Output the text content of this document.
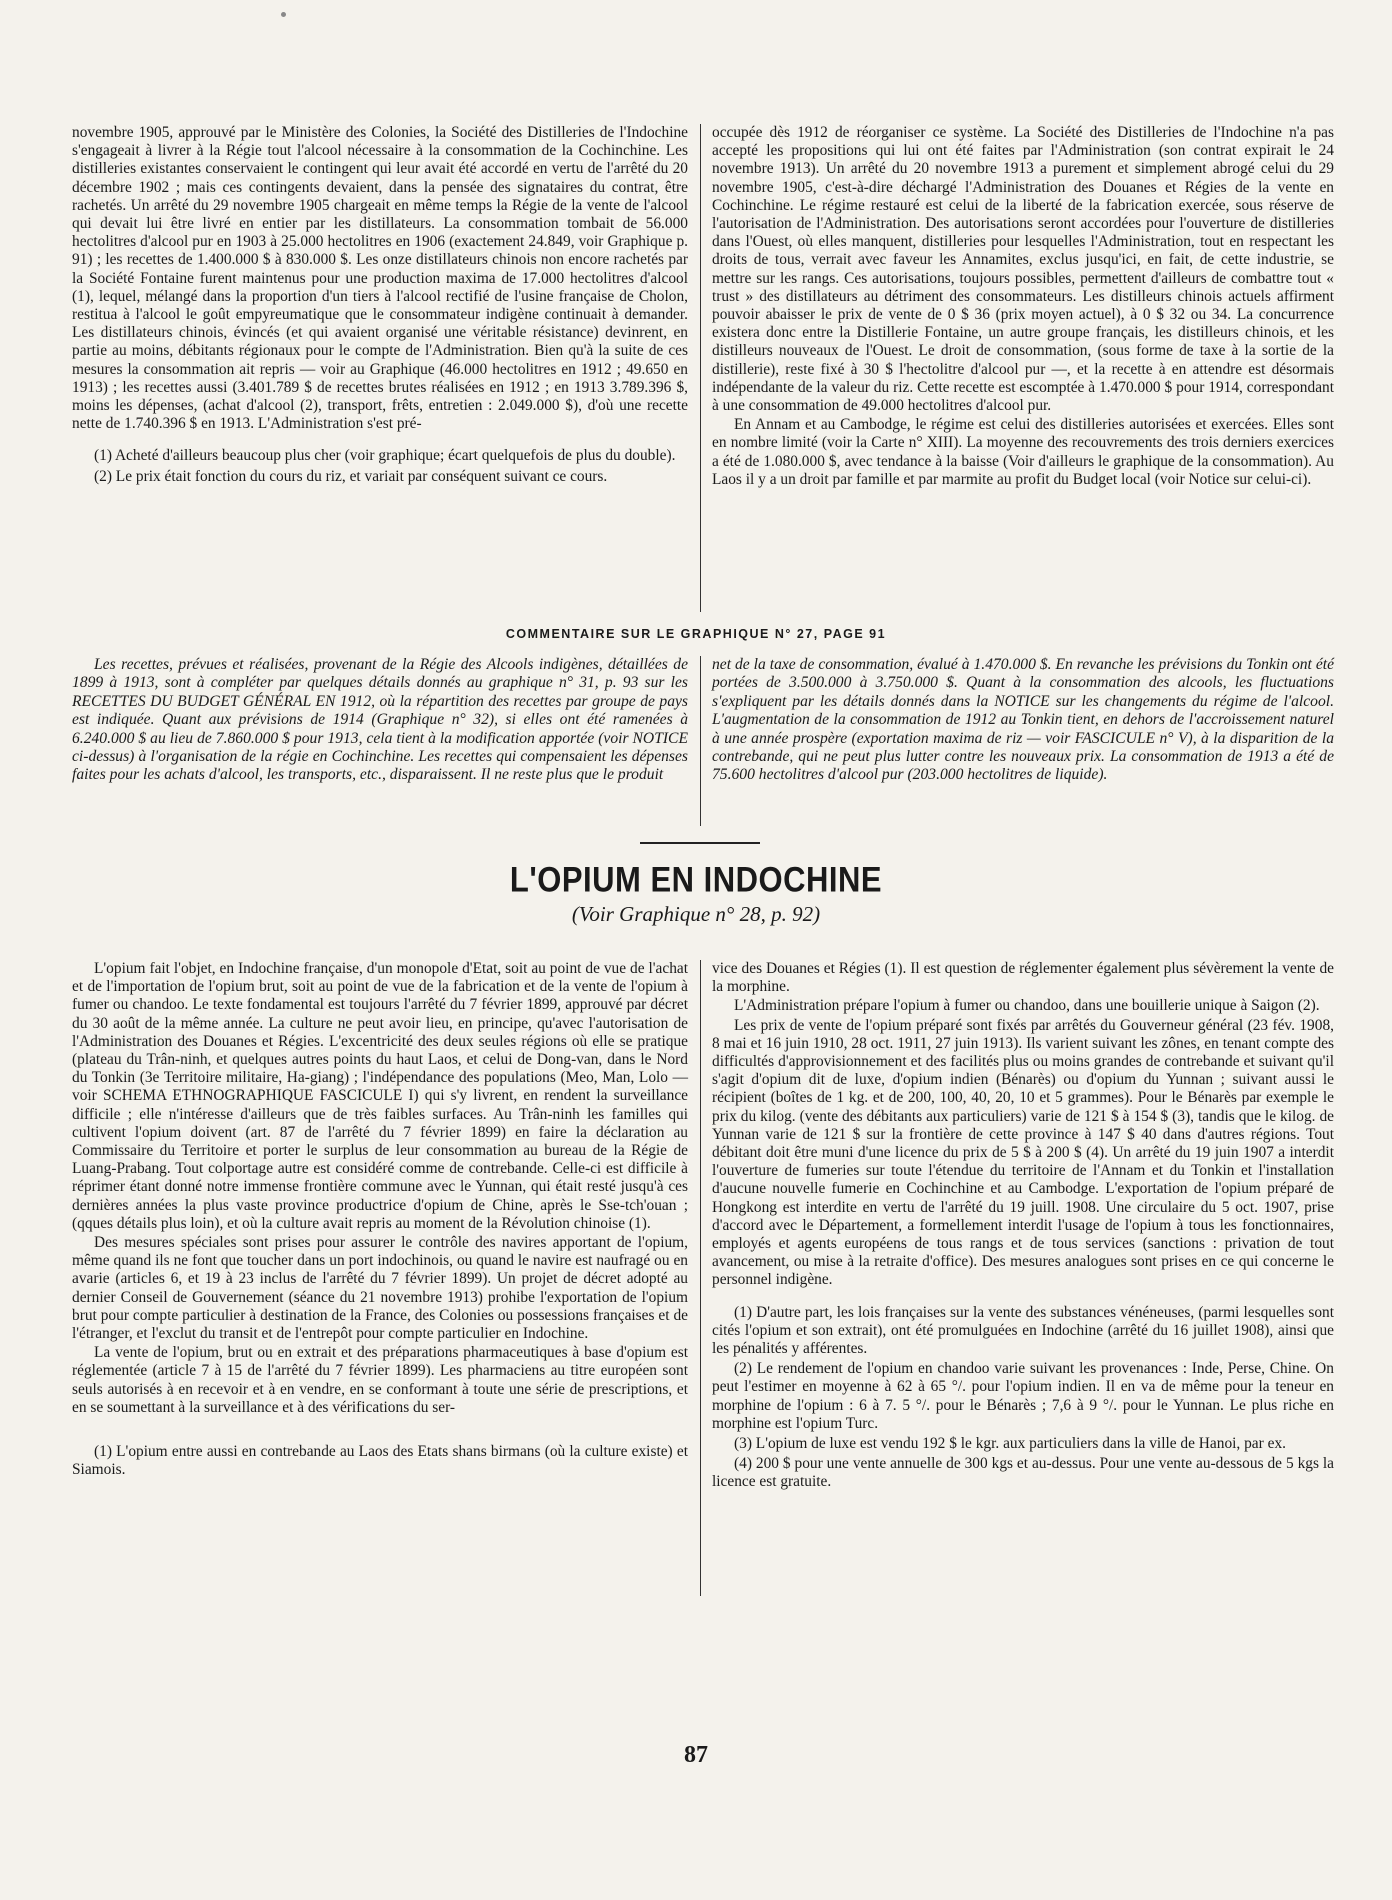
novembre 1905, approuvé par le Ministère des Colonies, la Société des Distilleries de l'Indochine s'engageait à livrer à la Régie tout l'alcool nécessaire à la consommation de la Cochinchine. Les distilleries existantes conservaient le contingent qui leur avait été accordé en vertu de l'arrêté du 20 décembre 1902 ; mais ces contingents devaient, dans la pensée des signataires du contrat, être rachetés. Un arrêté du 29 novembre 1905 chargeait en même temps la Régie de la vente de l'alcool qui devait lui être livré en entier par les distillateurs. La consommation tombait de 56.000 hectolitres d'alcool pur en 1903 à 25.000 hectolitres en 1906 (exactement 24.849, voir Graphique p. 91) ; les recettes de 1.400.000 $ à 830.000 $. Les onze distillateurs chinois non encore rachetés par la Société Fontaine furent maintenus pour une production maxima de 17.000 hectolitres d'alcool (1), lequel, mélangé dans la proportion d'un tiers à l'alcool rectifié de l'usine française de Cholon, restitua à l'alcool le goût empyreumatique que le consommateur indigène continuait à demander. Les distillateurs chinois, évincés (et qui avaient organisé une véritable résistance) devinrent, en partie au moins, débitants régionaux pour le compte de l'Administration. Bien qu'à la suite de ces mesures la consommation ait repris — voir au Graphique (46.000 hectolitres en 1912 ; 49.650 en 1913) ; les recettes aussi (3.401.789 $ de recettes brutes réalisées en 1912 ; en 1913 3.789.396 $, moins les dépenses, (achat d'alcool (2), transport, frêts, entretien : 2.049.000 $), d'où une recette nette de 1.740.396 $ en 1913. L'Administration s'est pré-

(1) Acheté d'ailleurs beaucoup plus cher (voir graphique; écart quelquefois de plus du double).

(2) Le prix était fonction du cours du riz, et variait par conséquent suivant ce cours.

occupée dès 1912 de réorganiser ce système. La Société des Distilleries de l'Indochine n'a pas accepté les propositions qui lui ont été faites par l'Administration (son contrat expirait le 24 novembre 1913). Un arrêté du 20 novembre 1913 a purement et simplement abrogé celui du 29 novembre 1905, c'est-à-dire déchargé l'Administration des Douanes et Régies de la vente en Cochinchine. Le régime restauré est celui de la liberté de la fabrication exercée, sous réserve de l'autorisation de l'Administration. Des autorisations seront accordées pour l'ouverture de distilleries dans l'Ouest, où elles manquent, distilleries pour lesquelles l'Administration, tout en respectant les droits de tous, verrait avec faveur les Annamites, exclus jusqu'ici, en fait, de cette industrie, se mettre sur les rangs. Ces autorisations, toujours possibles, permettent d'ailleurs de combattre tout « trust » des distillateurs au détriment des consommateurs. Les distilleurs chinois actuels affirment pouvoir abaisser le prix de vente de 0 $ 36 (prix moyen actuel), à 0 $ 32 ou 34. La concurrence existera donc entre la Distillerie Fontaine, un autre groupe français, les distilleurs chinois, et les distilleurs nouveaux de l'Ouest. Le droit de consommation, (sous forme de taxe à la sortie de la distillerie), reste fixé à 30 $ l'hectolitre d'alcool pur —, et la recette à en attendre est désormais indépendante de la valeur du riz. Cette recette est escomptée à 1.470.000 $ pour 1914, correspondant à une consommation de 49.000 hectolitres d'alcool pur.

En Annam et au Cambodge, le régime est celui des distilleries autorisées et exercées. Elles sont en nombre limité (voir la Carte n° XIII). La moyenne des recouvrements des trois derniers exercices a été de 1.080.000 $, avec tendance à la baisse (Voir d'ailleurs le graphique de la consommation). Au Laos il y a un droit par famille et par marmite au profit du Budget local (voir Notice sur celui-ci).

COMMENTAIRE SUR LE GRAPHIQUE N° 27, PAGE 91

Les recettes, prévues et réalisées, provenant de la Régie des Alcools indigènes, détaillées de 1899 à 1913, sont à compléter par quelques détails donnés au graphique n° 31, p. 93 sur les RECETTES DU BUDGET GÉNÉRAL EN 1912, où la répartition des recettes par groupe de pays est indiquée. Quant aux prévisions de 1914 (Graphique n° 32), si elles ont été ramenées à 6.240.000 $ au lieu de 7.860.000 $ pour 1913, cela tient à la modification apportée (voir NOTICE ci-dessus) à l'organisation de la régie en Cochinchine. Les recettes qui compensaient les dépenses faites pour les achats d'alcool, les transports, etc., disparaissent. Il ne reste plus que le produit

net de la taxe de consommation, évalué à 1.470.000 $. En revanche les prévisions du Tonkin ont été portées de 3.500.000 à 3.750.000 $. Quant à la consommation des alcools, les fluctuations s'expliquent par les détails donnés dans la NOTICE sur les changements du régime de l'alcool. L'augmentation de la consommation de 1912 au Tonkin tient, en dehors de l'accroissement naturel à une année prospère (exportation maxima de riz — voir FASCICULE n° V), à la disparition de la contrebande, qui ne peut plus lutter contre les nouveaux prix. La consommation de 1913 a été de 75.600 hectolitres d'alcool pur (203.000 hectolitres de liquide).

L'OPIUM EN INDOCHINE
(Voir Graphique n° 28, p. 92)

L'opium fait l'objet, en Indochine française, d'un monopole d'Etat, soit au point de vue de l'achat et de l'importation de l'opium brut, soit au point de vue de la fabrication et de la vente de l'opium à fumer ou chandoo. Le texte fondamental est toujours l'arrêté du 7 février 1899, approuvé par décret du 30 août de la même année. La culture ne peut avoir lieu, en principe, qu'avec l'autorisation de l'Administration des Douanes et Régies. L'excentricité des deux seules régions où elle se pratique (plateau du Trân-ninh, et quelques autres points du haut Laos, et celui de Dong-van, dans le Nord du Tonkin (3e Territoire militaire, Ha-giang) ; l'indépendance des populations (Meo, Man, Lolo — voir SCHEMA ETHNOGRAPHIQUE FASCICULE I) qui s'y livrent, en rendent la surveillance difficile ; elle n'intéresse d'ailleurs que de très faibles surfaces. Au Trân-ninh les familles qui cultivent l'opium doivent (art. 87 de l'arrêté du 7 février 1899) en faire la déclaration au Commissaire du Territoire et porter le surplus de leur consommation au bureau de la Régie de Luang-Prabang. Tout colportage autre est considéré comme de contrebande. Celle-ci est difficile à réprimer étant donné notre immense frontière commune avec le Yunnan, qui était resté jusqu'à ces dernières années la plus vaste province productrice d'opium de Chine, après le Sse-tch'ouan ; (qques détails plus loin), et où la culture avait repris au moment de la Révolution chinoise (1).

Des mesures spéciales sont prises pour assurer le contrôle des navires apportant de l'opium, même quand ils ne font que toucher dans un port indochinois, ou quand le navire est naufragé ou en avarie (articles 6, et 19 à 23 inclus de l'arrêté du 7 février 1899). Un projet de décret adopté au dernier Conseil de Gouvernement (séance du 21 novembre 1913) prohibe l'exportation de l'opium brut pour compte particulier à destination de la France, des Colonies ou possessions françaises et de l'étranger, et l'exclut du transit et de l'entrepôt pour compte particulier en Indochine.

La vente de l'opium, brut ou en extrait et des préparations pharmaceutiques à base d'opium est réglementée (article 7 à 15 de l'arrêté du 7 février 1899). Les pharmaciens au titre européen sont seuls autorisés à en recevoir et à en vendre, en se conformant à toute une série de prescriptions, et en se soumettant à la surveillance et à des vérifications du ser-

(1) L'opium entre aussi en contrebande au Laos des Etats shans birmans (où la culture existe) et Siamois.

vice des Douanes et Régies (1). Il est question de réglementer également plus sévèrement la vente de la morphine.

L'Administration prépare l'opium à fumer ou chandoo, dans une bouillerie unique à Saigon (2).

Les prix de vente de l'opium préparé sont fixés par arrêtés du Gouverneur général (23 fév. 1908, 8 mai et 16 juin 1910, 28 oct. 1911, 27 juin 1913). Ils varient suivant les zônes, en tenant compte des difficultés d'approvisionnement et des facilités plus ou moins grandes de contrebande et suivant qu'il s'agit d'opium dit de luxe, d'opium indien (Bénarès) ou d'opium du Yunnan ; suivant aussi le récipient (boîtes de 1 kg. et de 200, 100, 40, 20, 10 et 5 grammes). Pour le Bénarès par exemple le prix du kilog. (vente des débitants aux particuliers) varie de 121 $ à 154 $ (3), tandis que le kilog. de Yunnan varie de 121 $ sur la frontière de cette province à 147 $ 40 dans d'autres régions. Tout débitant doit être muni d'une licence du prix de 5 $ à 200 $ (4). Un arrêté du 19 juin 1907 a interdit l'ouverture de fumeries sur toute l'étendue du territoire de l'Annam et du Tonkin et l'installation d'aucune nouvelle fumerie en Cochinchine et au Cambodge. L'exportation de l'opium préparé de Hongkong est interdite en vertu de l'arrêté du 19 juill. 1908. Une circulaire du 5 oct. 1907, prise d'accord avec le Département, a formellement interdit l'usage de l'opium à tous les fonctionnaires, employés et agents européens de tous rangs et de tous services (sanctions : privation de tout avancement, ou mise à la retraite d'office). Des mesures analogues sont prises en ce qui concerne le personnel indigène.

(1) D'autre part, les lois françaises sur la vente des substances vénéneuses, (parmi lesquelles sont cités l'opium et son extrait), ont été promulguées en Indochine (arrêté du 16 juillet 1908), ainsi que les pénalités y afférentes.

(2) Le rendement de l'opium en chandoo varie suivant les provenances : Inde, Perse, Chine. On peut l'estimer en moyenne à 62 à 65 °/. pour l'opium indien. Il en va de même pour la teneur en morphine de l'opium : 6 à 7. 5 °/. pour le Bénarès ; 7,6 à 9 °/. pour le Yunnan. Le plus riche en morphine est l'opium Turc.

(3) L'opium de luxe est vendu 192 $ le kgr. aux particuliers dans la ville de Hanoi, par ex.

(4) 200 $ pour une vente annuelle de 300 kgs et au-dessus. Pour une vente au-dessous de 5 kgs la licence est gratuite.

87
